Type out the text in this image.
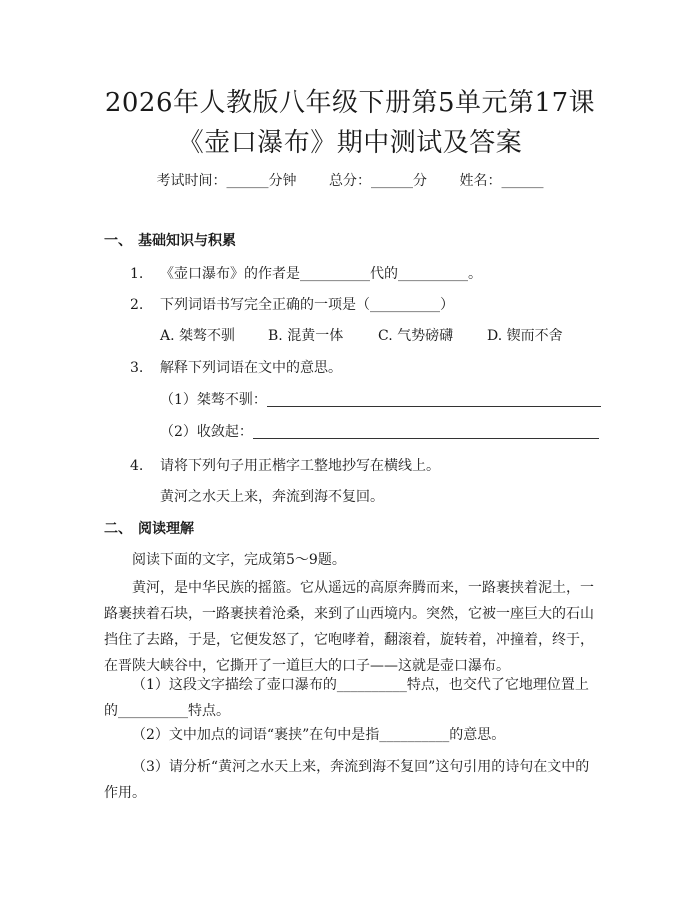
2026年人教版八年级下册第5单元第17课
《壶口瀑布》期中测试及答案
考试时间：______分钟 总分：______分 姓名：______
一、 基础知识与积累
1. 《壶口瀑布》的作者是__________代的__________。
2. 下列词语书写完全正确的一项是（__________）
A. 桀骜不驯 B. 混黄一体 C. 气势磅礴 D. 锲而不舍
3. 解释下列词语在文中的意思。
（1）桀骜不驯：
（2）收敛起：
4. 请将下列句子用正楷字工整地抄写在横线上。
黄河之水天上来，奔流到海不复回。
二、 阅读理解
阅读下面的文字，完成第5～9题。
黄河，是中华民族的摇篮。它从遥远的高原奔腾而来，一路裹挟着泥土，一路裹挟着石块，一路裹挟着沧桑，来到了山西境内。突然，它被一座巨大的石山挡住了去路，于是，它便发怒了，它咆哮着，翻滚着，旋转着，冲撞着，终于，在晋陕大峡谷中，它撕开了一道巨大的口子——这就是壶口瀑布。
（1）这段文字描绘了壶口瀑布的__________特点，也交代了它地理位置上的__________特点。
（2）文中加点的词语“裹挟”在句中是指__________的意思。
（3）请分析“黄河之水天上来，奔流到海不复回”这句引用的诗句在文中的作用。
